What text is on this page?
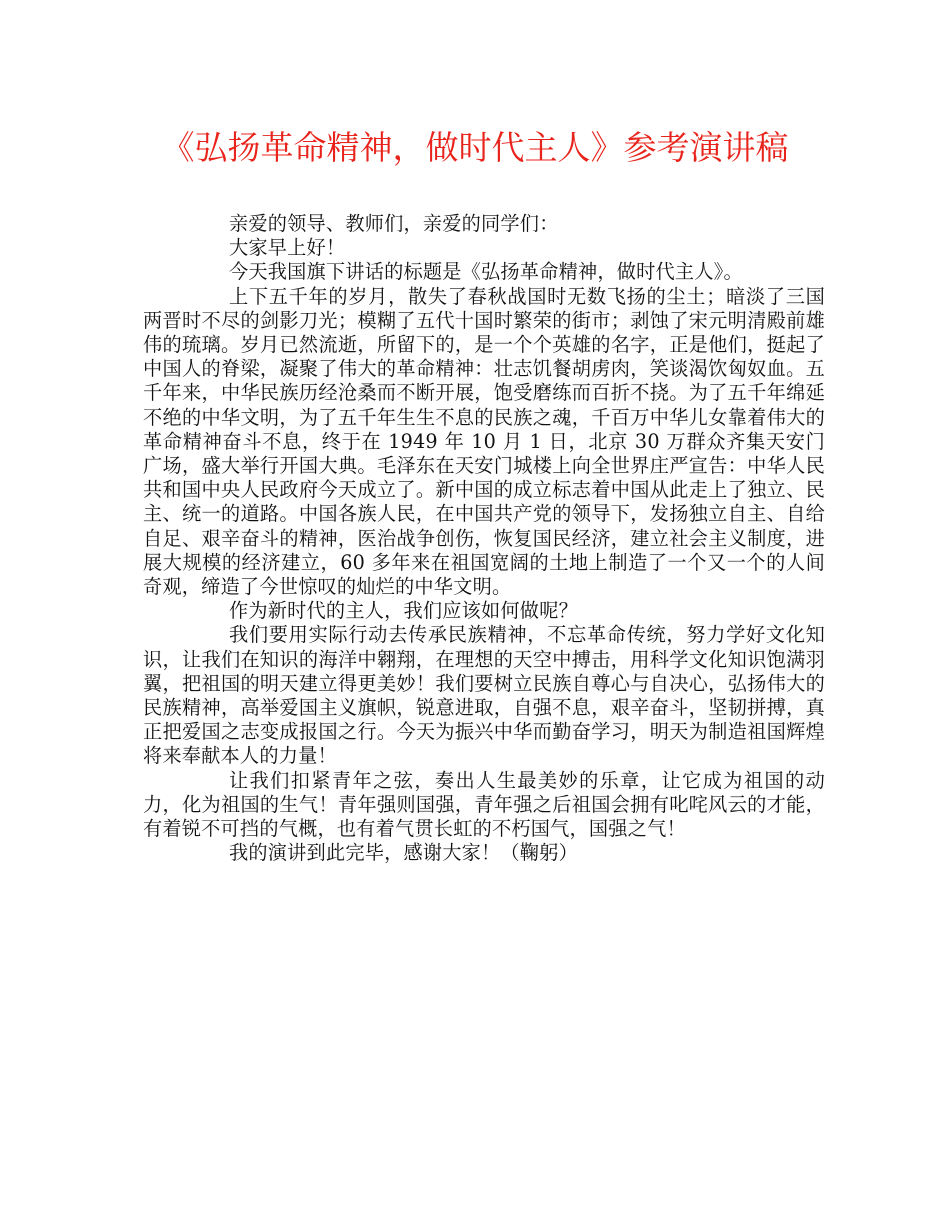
《弘扬革命精神，做时代主人》参考演讲稿

亲爱的领导、教师们，亲爱的同学们：

大家早上好！

今天我国旗下讲话的标题是《弘扬革命精神，做时代主人》。

上下五千年的岁月，散失了春秋战国时无数飞扬的尘土；暗淡了三国两晋时不尽的剑影刀光；模糊了五代十国时繁荣的街市；剥蚀了宋元明清殿前雄伟的琉璃。岁月已然流逝，所留下的，是一个个英雄的名字，正是他们，挺起了中国人的脊梁，凝聚了伟大的革命精神：壮志饥餐胡虏肉，笑谈渴饮匈奴血。五千年来，中华民族历经沧桑而不断开展，饱受磨练而百折不挠。为了五千年绵延不绝的中华文明，为了五千年生生不息的民族之魂，千百万中华儿女靠着伟大的革命精神奋斗不息，终于在 1949 年 10 月 1 日，北京 30 万群众齐集天安门广场，盛大举行开国大典。毛泽东在天安门城楼上向全世界庄严宣告：中华人民共和国中央人民政府今天成立了。新中国的成立标志着中国从此走上了独立、民主、统一的道路。中国各族人民，在中国共产党的领导下，发扬独立自主、自给自足、艰辛奋斗的精神，医治战争创伤，恢复国民经济，建立社会主义制度，进展大规模的经济建立，60 多年来在祖国宽阔的土地上制造了一个又一个的人间奇观，缔造了今世惊叹的灿烂的中华文明。

作为新时代的主人，我们应该如何做呢？

我们要用实际行动去传承民族精神，不忘革命传统，努力学好文化知识，让我们在知识的海洋中翱翔，在理想的天空中搏击，用科学文化知识饱满羽翼，把祖国的明天建立得更美妙！我们要树立民族自尊心与自决心，弘扬伟大的民族精神，高举爱国主义旗帜，锐意进取，自强不息，艰辛奋斗，坚韧拼搏，真正把爱国之志变成报国之行。今天为振兴中华而勤奋学习，明天为制造祖国辉煌将来奉献本人的力量！

让我们扣紧青年之弦，奏出人生最美妙的乐章，让它成为祖国的动力，化为祖国的生气！青年强则国强，青年强之后祖国会拥有叱咤风云的才能，有着锐不可挡的气概，也有着气贯长虹的不朽国气，国强之气！

我的演讲到此完毕，感谢大家！（鞠躬）
